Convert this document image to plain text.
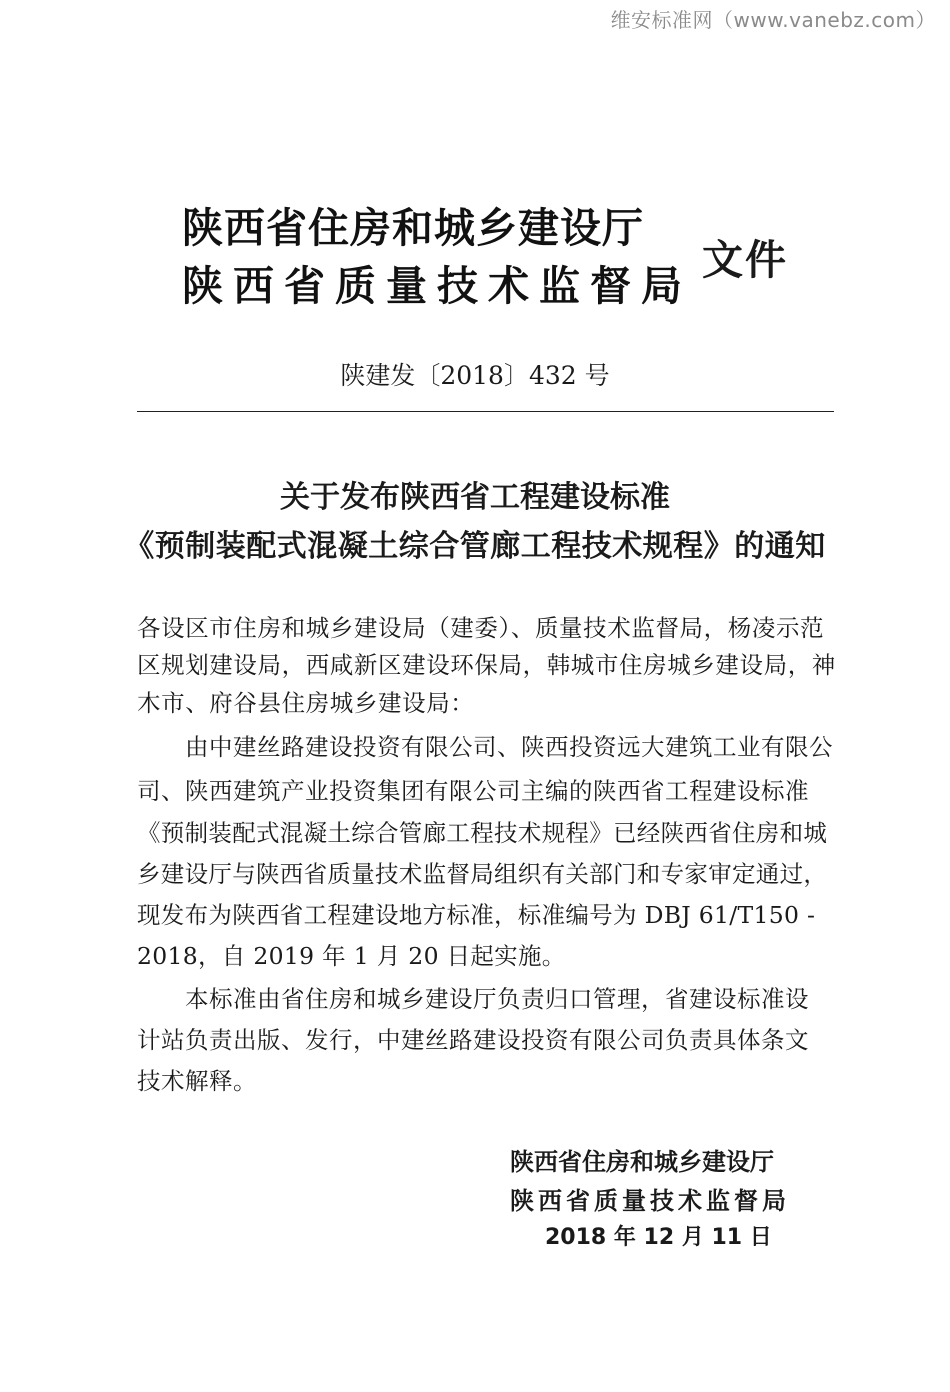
维安标准网（www.vanebz.com）
陕西省住房和城乡建设厅
陕西省质量技术监督局
文件
陕建发〔2018〕432 号
关于发布陕西省工程建设标准
《预制装配式混凝土综合管廊工程技术规程》的通知
各设区市住房和城乡建设局（建委）、质量技术监督局，杨凌示范
区规划建设局，西咸新区建设环保局，韩城市住房城乡建设局，神
木市、府谷县住房城乡建设局：
由中建丝路建设投资有限公司、陕西投资远大建筑工业有限公
司、陕西建筑产业投资集团有限公司主编的陕西省工程建设标准
《预制装配式混凝土综合管廊工程技术规程》已经陕西省住房和城
乡建设厅与陕西省质量技术监督局组织有关部门和专家审定通过，
现发布为陕西省工程建设地方标准，标准编号为 DBJ 61/T150 -
2018，自 2019 年 1 月 20 日起实施。
本标准由省住房和城乡建设厅负责归口管理，省建设标准设
计站负责出版、发行，中建丝路建设投资有限公司负责具体条文
技术解释。
陕西省住房和城乡建设厅
陕西省质量技术监督局
2018 年 12 月 11 日
